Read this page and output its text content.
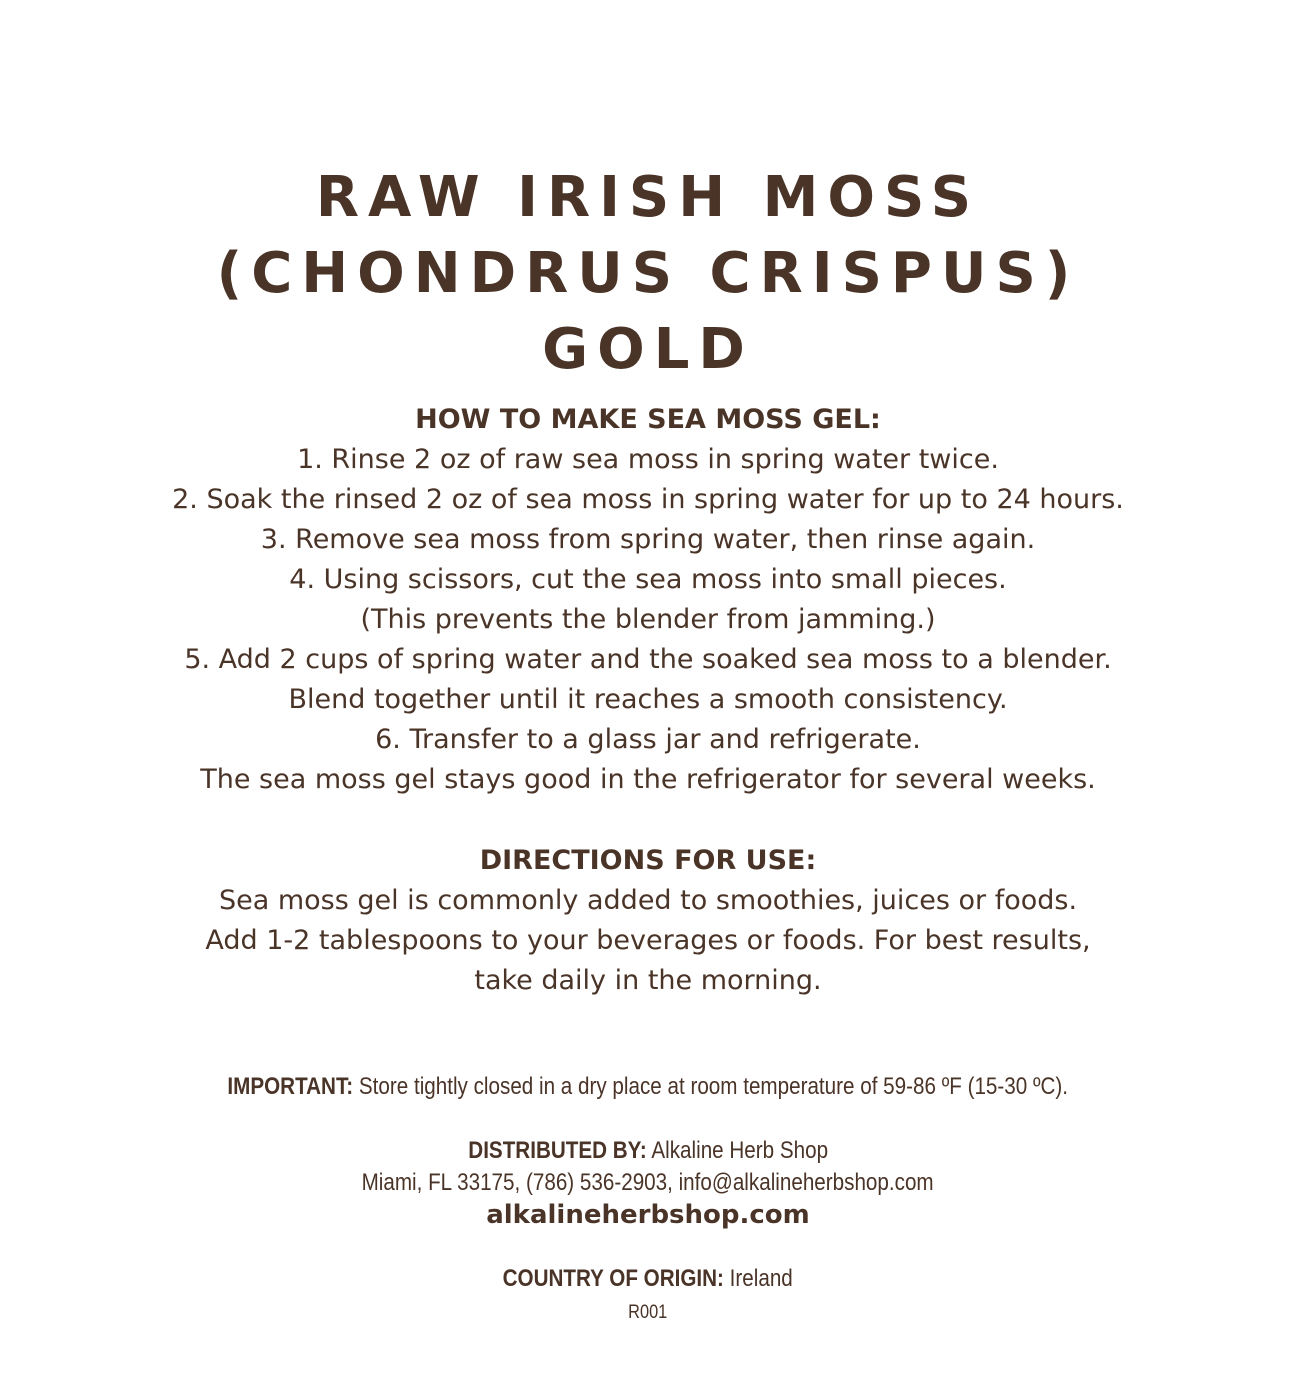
RAW IRISH MOSS
(CHONDRUS CRISPUS)
GOLD
HOW TO MAKE SEA MOSS GEL:
1. Rinse 2 oz of raw sea moss in spring water twice.
2. Soak the rinsed 2 oz of sea moss in spring water for up to 24 hours.
3. Remove sea moss from spring water, then rinse again.
4. Using scissors, cut the sea moss into small pieces.
(This prevents the blender from jamming.)
5. Add 2 cups of spring water and the soaked sea moss to a blender.
Blend together until it reaches a smooth consistency.
6. Transfer to a glass jar and refrigerate.
The sea moss gel stays good in the refrigerator for several weeks.
DIRECTIONS FOR USE:
Sea moss gel is commonly added to smoothies, juices or foods.
Add 1-2 tablespoons to your beverages or foods. For best results,
take daily in the morning.
IMPORTANT: Store tightly closed in a dry place at room temperature of 59-86 ºF (15-30 ºC).
DISTRIBUTED BY: Alkaline Herb Shop
Miami, FL 33175, (786) 536-2903, info@alkalineherbshop.com
alkalineherbshop.com
COUNTRY OF ORIGIN: Ireland
R001
